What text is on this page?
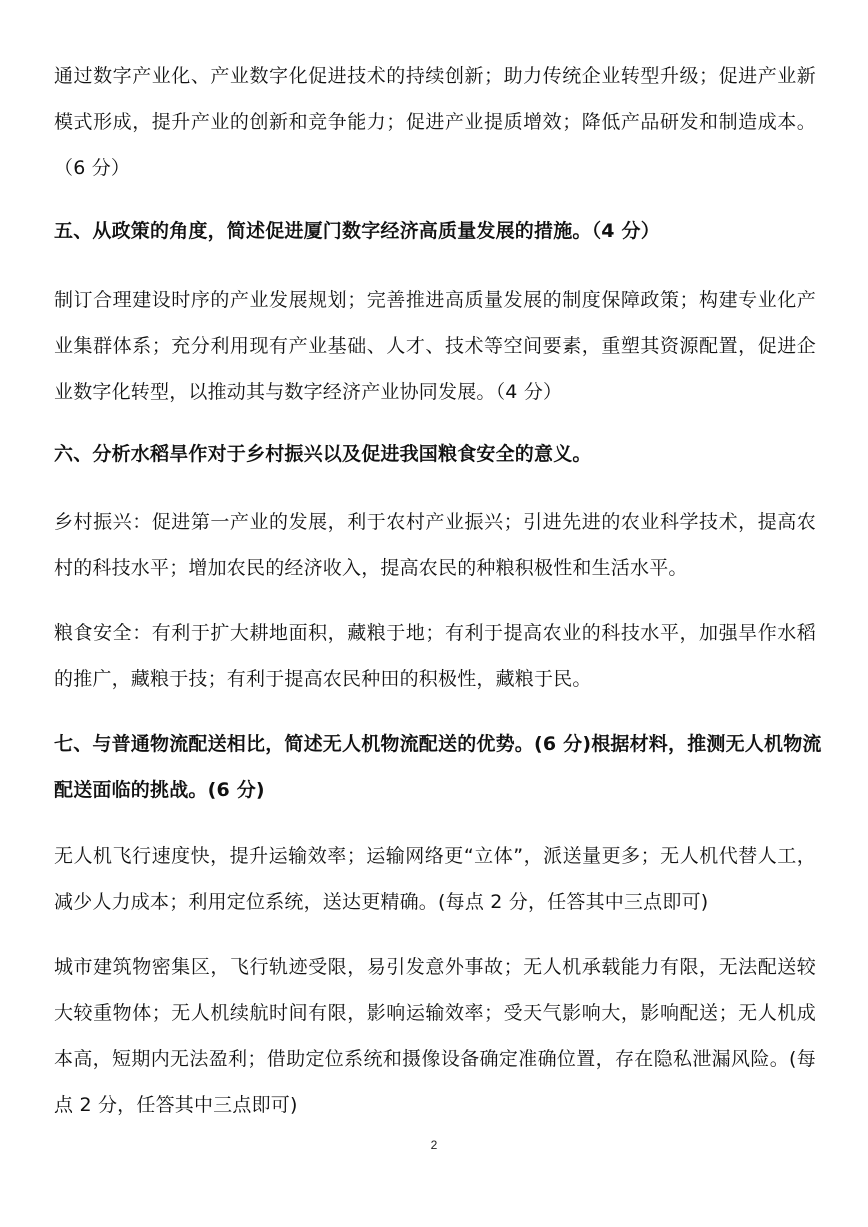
通过数字产业化、产业数字化促进技术的持续创新；助力传统企业转型升级；促进产业新模式形成，提升产业的创新和竞争能力；促进产业提质增效；降低产品研发和制造成本。（6 分）

五、从政策的角度，简述促进厦门数字经济高质量发展的措施。（4 分）

制订合理建设时序的产业发展规划；完善推进高质量发展的制度保障政策；构建专业化产业集群体系；充分利用现有产业基础、人才、技术等空间要素，重塑其资源配置，促进企业数字化转型，以推动其与数字经济产业协同发展。（4 分）

六、分析水稻旱作对于乡村振兴以及促进我国粮食安全的意义。

乡村振兴：促进第一产业的发展，利于农村产业振兴；引进先进的农业科学技术，提高农村的科技水平；增加农民的经济收入，提高农民的种粮积极性和生活水平。

粮食安全：有利于扩大耕地面积，藏粮于地；有利于提高农业的科技水平，加强旱作水稻的推广，藏粮于技；有利于提高农民种田的积极性，藏粮于民。

七、与普通物流配送相比，简述无人机物流配送的优势。(6 分)根据材料，推测无人机物流配送面临的挑战。(6 分)

无人机飞行速度快，提升运输效率；运输网络更“立体”，派送量更多；无人机代替人工，减少人力成本；利用定位系统，送达更精确。(每点 2 分，任答其中三点即可)

城市建筑物密集区，飞行轨迹受限，易引发意外事故；无人机承载能力有限，无法配送较大较重物体；无人机续航时间有限，影响运输效率；受天气影响大，影响配送；无人机成本高，短期内无法盈利；借助定位系统和摄像设备确定准确位置，存在隐私泄漏风险。(每点 2 分，任答其中三点即可)

2
